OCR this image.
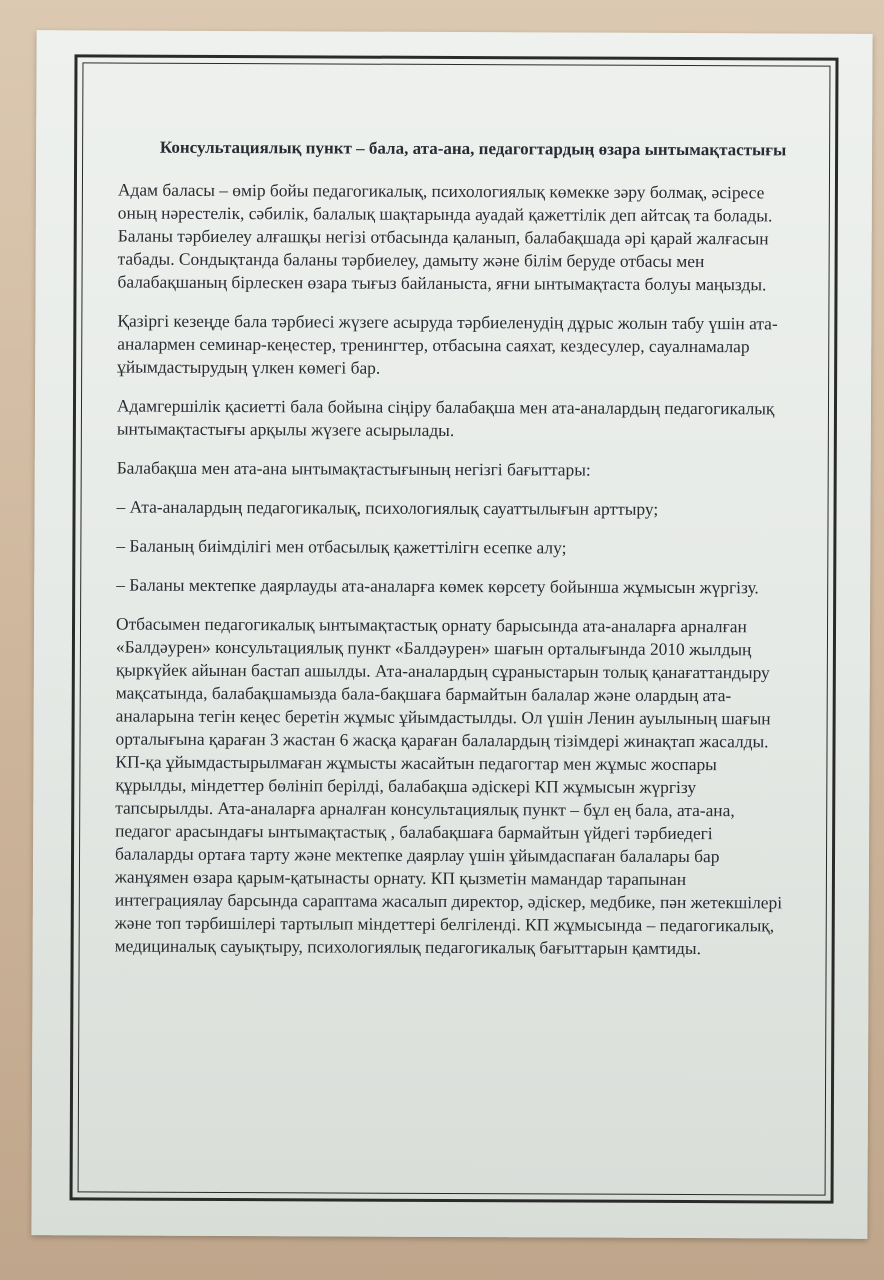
Консультациялық пункт – бала, ата-ана, педагогтардың өзара ынтымақтастығы

Адам баласы – өмір бойы педагогикалық, психологиялық көмекке зәру болмақ, әсіресе оның нәрестелік, сәбилік, балалық шақтарында ауадай қажеттілік деп айтсақ та болады. Баланы тәрбиелеу алғашқы негізі отбасында қаланып, балабақшада әрі қарай жалғасын табады. Сондықтанда баланы тәрбиелеу, дамыту және білім беруде отбасы мен балабақшаның бірлескен өзара тығыз байланыста, яғни ынтымақтаста болуы маңызды.

Қазіргі кезеңде бала тәрбиесі жүзеге асыруда тәрбиеленудің дұрыс жолын табу үшін ата-аналармен семинар-кеңестер, тренингтер, отбасына саяхат, кездесулер, сауалнамалар ұйымдастырудың үлкен көмегі бар.

Адамгершілік қасиетті бала бойына сіңіру балабақша мен ата-аналардың педагогикалық ынтымақтастығы арқылы жүзеге асырылады.

Балабақша мен ата-ана ынтымақтастығының негізгі бағыттары:

– Ата-аналардың педагогикалық, психологиялық сауаттылығын арттыру;

– Баланың биімділігі мен отбасылық қажеттілігн есепке алу;

– Баланы мектепке даярлауды ата-аналарға көмек көрсету бойынша жұмысын жүргізу.

Отбасымен педагогикалық ынтымақтастық орнату барысында ата-аналарға арналған «Балдәурен» консультациялық пункт «Балдәурен» шағын орталығында 2010 жылдың қыркүйек айынан бастап ашылды. Ата-аналардың сұраныстарын толық қанағаттандыру мақсатында, балабақшамызда бала-бақшаға бармайтын балалар және олардың ата-аналарына тегін кеңес беретін жұмыс ұйымдастылды. Ол үшін Ленин ауылының шағын орталығына қараған 3 жастан 6 жасқа қараған балалардың тізімдері жинақтап жасалды. КП-қа ұйымдастырылмаған жұмысты жасайтын педагогтар мен жұмыс жоспары құрылды, міндеттер бөлініп берілді, балабақша әдіскері КП жұмысын жүргізу тапсырылды. Ата-аналарға арналған консультациялық пункт – бұл ең бала, ата-ана, педагог арасындағы ынтымақтастық , балабақшаға бармайтын үйдегі тәрбиедегі балаларды ортаға тарту және мектепке даярлау үшін ұйымдаспаған балалары бар жанұямен өзара қарым-қатынасты орнату. КП қызметін мамандар тарапынан интеграциялау барсында сараптама жасалып директор, әдіскер, медбике, пән жетекшілері және топ тәрбишілері тартылып міндеттері белгіленді. КП жұмысында – педагогикалық, медициналық сауықтыру, психологиялық педагогикалық бағыттарын қамтиды.
